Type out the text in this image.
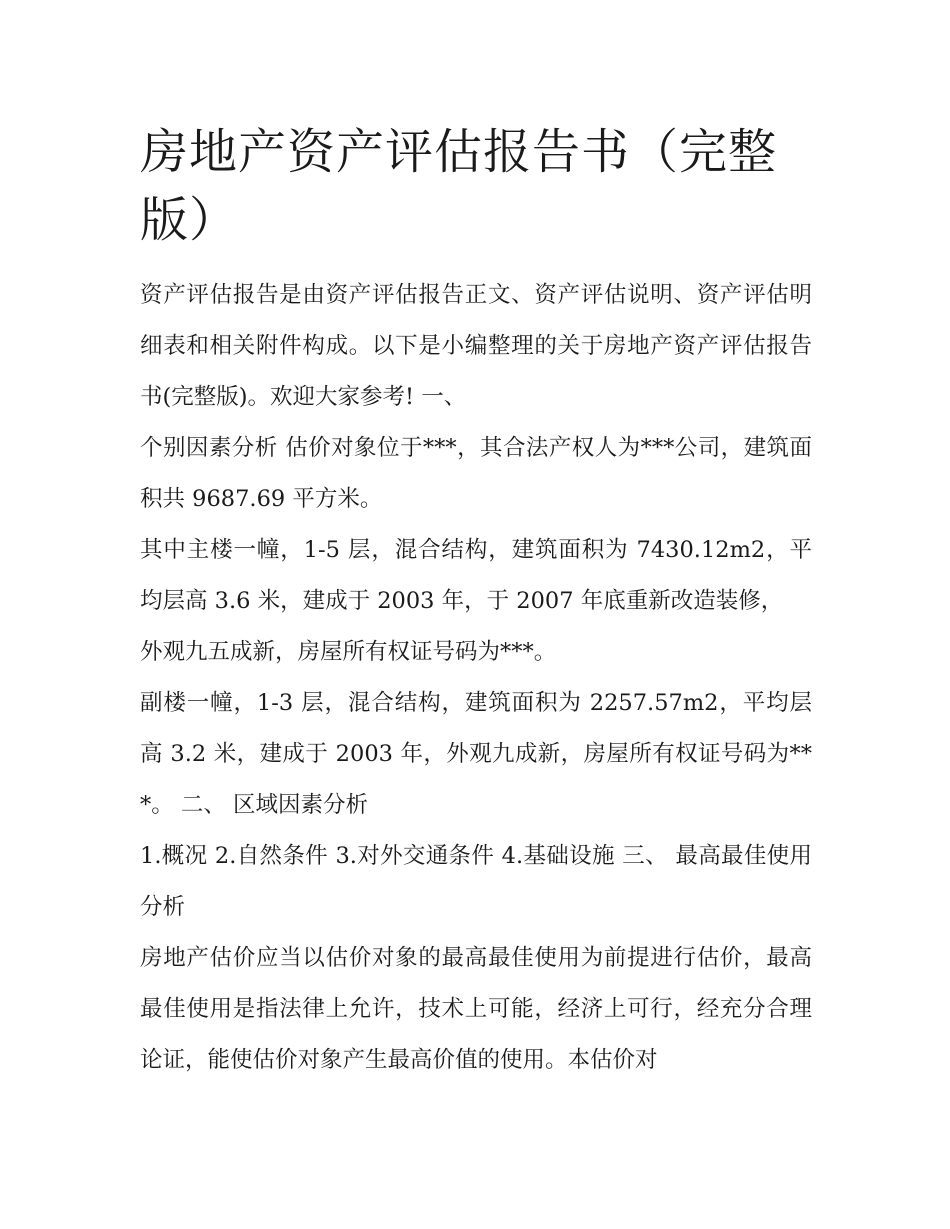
房地产资产评估报告书（完整版）

资产评估报告是由资产评估报告正文、资产评估说明、资产评估明细表和相关附件构成。以下是小编整理的关于房地产资产评估报告书(完整版)。欢迎大家参考! 一、

个别因素分析 估价对象位于***，其合法产权人为***公司，建筑面积共 9687.69 平方米。

其中主楼一幢，1-5 层，混合结构，建筑面积为 7430.12m2，平均层高 3.6 米，建成于 2003 年，于 2007 年底重新改造装修，

外观九五成新，房屋所有权证号码为***。

副楼一幢，1-3 层，混合结构，建筑面积为 2257.57m2，平均层高 3.2 米，建成于 2003 年，外观九成新，房屋所有权证号码为***。 二、 区域因素分析

1.概况 2.自然条件 3.对外交通条件 4.基础设施 三、 最高最佳使用分析

房地产估价应当以估价对象的最高最佳使用为前提进行估价，最高最佳使用是指法律上允许，技术上可能，经济上可行，经充分合理论证，能使估价对象产生最高价值的使用。本估价对
